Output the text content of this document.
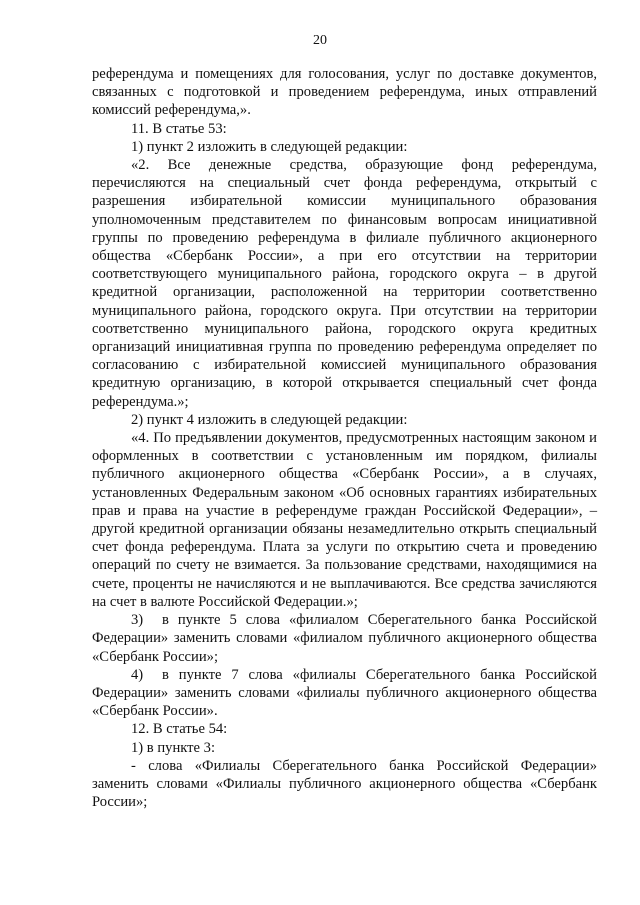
20

референдума и помещениях для голосования, услуг по доставке документов, связанных с подготовкой и проведением референдума, иных отправлений комиссий референдума,».

11. В статье 53:

1) пункт 2 изложить в следующей редакции:

«2. Все денежные средства, образующие фонд референдума, перечисляются на специальный счет фонда референдума, открытый с разрешения избирательной комиссии муниципального образования уполномоченным представителем по финансовым вопросам инициативной группы по проведению референдума в филиале публичного акционерного общества «Сбербанк России», а при его отсутствии на территории соответствующего муниципального района, городского округа – в другой кредитной организации, расположенной на территории соответственно муниципального района, городского округа. При отсутствии на территории соответственно муниципального района, городского округа кредитных организаций инициативная группа по проведению референдума определяет по согласованию с избирательной комиссией муниципального образования кредитную организацию, в которой открывается специальный счет фонда референдума.»;

2) пункт 4 изложить в следующей редакции:

«4. По предъявлении документов, предусмотренных настоящим законом и оформленных в соответствии с установленным им порядком, филиалы публичного акционерного общества «Сбербанк России», а в случаях, установленных Федеральным законом «Об основных гарантиях избирательных прав и права на участие в референдуме граждан Российской Федерации», – другой кредитной организации обязаны незамедлительно открыть специальный счет фонда референдума. Плата за услуги по открытию счета и проведению операций по счету не взимается. За пользование средствами, находящимися на счете, проценты не начисляются и не выплачиваются. Все средства зачисляются на счет в валюте Российской Федерации.»;

3) в пункте 5 слова «филиалом Сберегательного банка Российской Федерации» заменить словами «филиалом публичного акционерного общества «Сбербанк России»;

4) в пункте 7 слова «филиалы Сберегательного банка Российской Федерации» заменить словами «филиалы публичного акционерного общества «Сбербанк России».

12. В статье 54:

1) в пункте 3:

- слова «Филиалы Сберегательного банка Российской Федерации» заменить словами «Филиалы публичного акционерного общества «Сбербанк России»;
